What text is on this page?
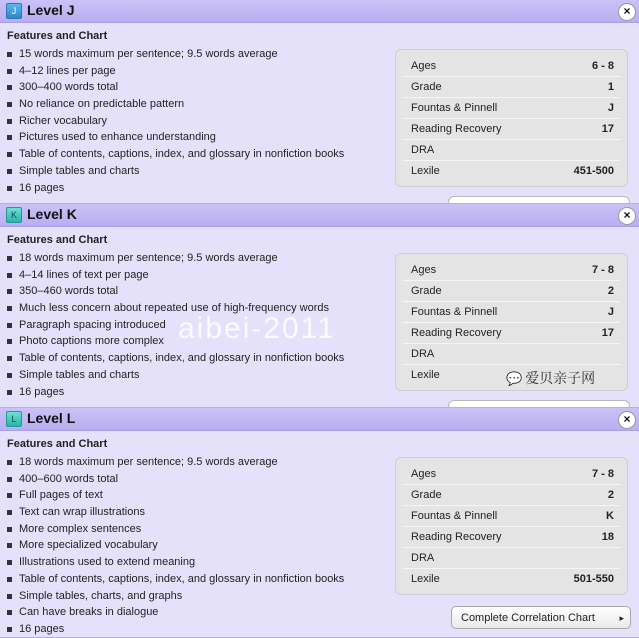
J Level J	×
Features and Chart
15 words maximum per sentence; 9.5 words average
4–12 lines per page
300–400 words total
No reliance on predictable pattern
Richer vocabulary
Pictures used to enhance understanding
Table of contents, captions, index, and glossary in nonfiction books
Simple tables and charts
16 pages
Ages	6 - 8
Grade	1
Fountas & Pinnell	J
Reading Recovery	17
DRA
Lexile	451-500
K Level K	×
Features and Chart
18 words maximum per sentence; 9.5 words average
4–14 lines of text per page
350–460 words total
Much less concern about repeated use of high-frequency words
Paragraph spacing introduced
Photo captions more complex
Table of contents, captions, index, and glossary in nonfiction books
Simple tables and charts
16 pages
Ages	7 - 8
Grade	2
Fountas & Pinnell	J
Reading Recovery	17
DRA
Lexile
L Level L	×
Features and Chart
18 words maximum per sentence; 9.5 words average
400–600 words total
Full pages of text
Text can wrap illustrations
More complex sentences
More specialized vocabulary
Illustrations used to extend meaning
Table of contents, captions, index, and glossary in nonfiction books
Simple tables, charts, and graphs
Can have breaks in dialogue
16 pages
Ages	7 - 8
Grade	2
Fountas & Pinnell	K
Reading Recovery	18
DRA
Lexile	501-550
Complete Correlation Chart	▸
aibei-2011
💬 爱贝亲子网
